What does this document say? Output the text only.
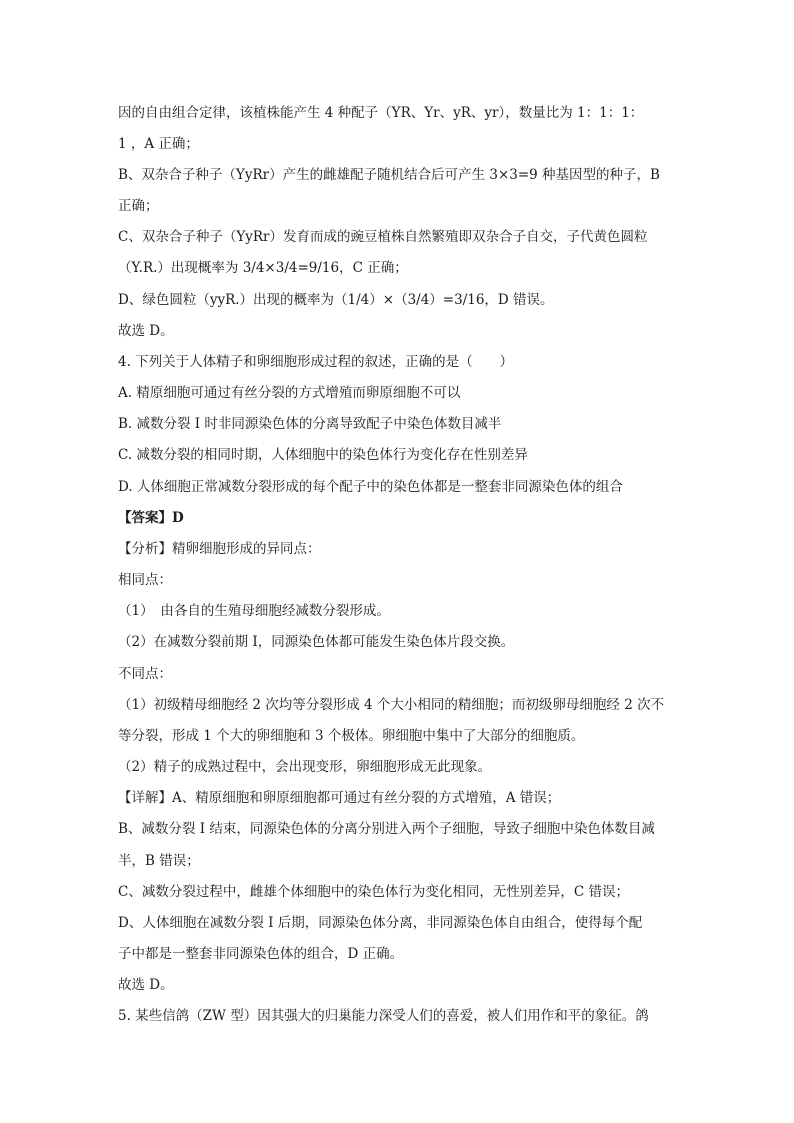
因的自由组合定律，该植株能产生 4 种配子（YR、Yr、yR、yr），数量比为 1：1：1：
1 ，A 正确；
B、双杂合子种子（YyRr）产生的雌雄配子随机结合后可产生 3×3=9 种基因型的种子，B
正确；
C、双杂合子种子（YyRr）发育而成的豌豆植株自然繁殖即双杂合子自交，子代黄色圆粒
（Y.R.）出现概率为 3/4×3/4=9/16，C 正确；
D、绿色圆粒（yyR.）出现的概率为（1/4）×（3/4）=3/16，D 错误。
故选 D。
4. 下列关于人体精子和卵细胞形成过程的叙述，正确的是（　　）
A. 精原细胞可通过有丝分裂的方式增殖而卵原细胞不可以
B. 减数分裂 I 时非同源染色体的分离导致配子中染色体数目减半
C. 减数分裂的相同时期，人体细胞中的染色体行为变化存在性别差异
D. 人体细胞正常减数分裂形成的每个配子中的染色体都是一整套非同源染色体的组合
【答案】D
【分析】精卵细胞形成的异同点：
相同点：
（1）　由各自的生殖母细胞经减数分裂形成。
（2）在减数分裂前期 I，同源染色体都可能发生染色体片段交换。
不同点：
（1）初级精母细胞经 2 次均等分裂形成 4 个大小相同的精细胞；而初级卵母细胞经 2 次不
等分裂，形成 1 个大的卵细胞和 3 个极体。卵细胞中集中了大部分的细胞质。
（2）精子的成熟过程中，会出现变形，卵细胞形成无此现象。
【详解】A、精原细胞和卵原细胞都可通过有丝分裂的方式增殖，A 错误；
B、减数分裂 I 结束，同源染色体的分离分别进入两个子细胞，导致子细胞中染色体数目减
半，B 错误；
C、减数分裂过程中，雌雄个体细胞中的染色体行为变化相同，无性别差异，C 错误；
D、人体细胞在减数分裂 I 后期，同源染色体分离，非同源染色体自由组合，使得每个配
子中都是一整套非同源染色体的组合，D 正确。
故选 D。
5. 某些信鸽（ZW 型）因其强大的归巢能力深受人们的喜爱，被人们用作和平的象征。鸽
